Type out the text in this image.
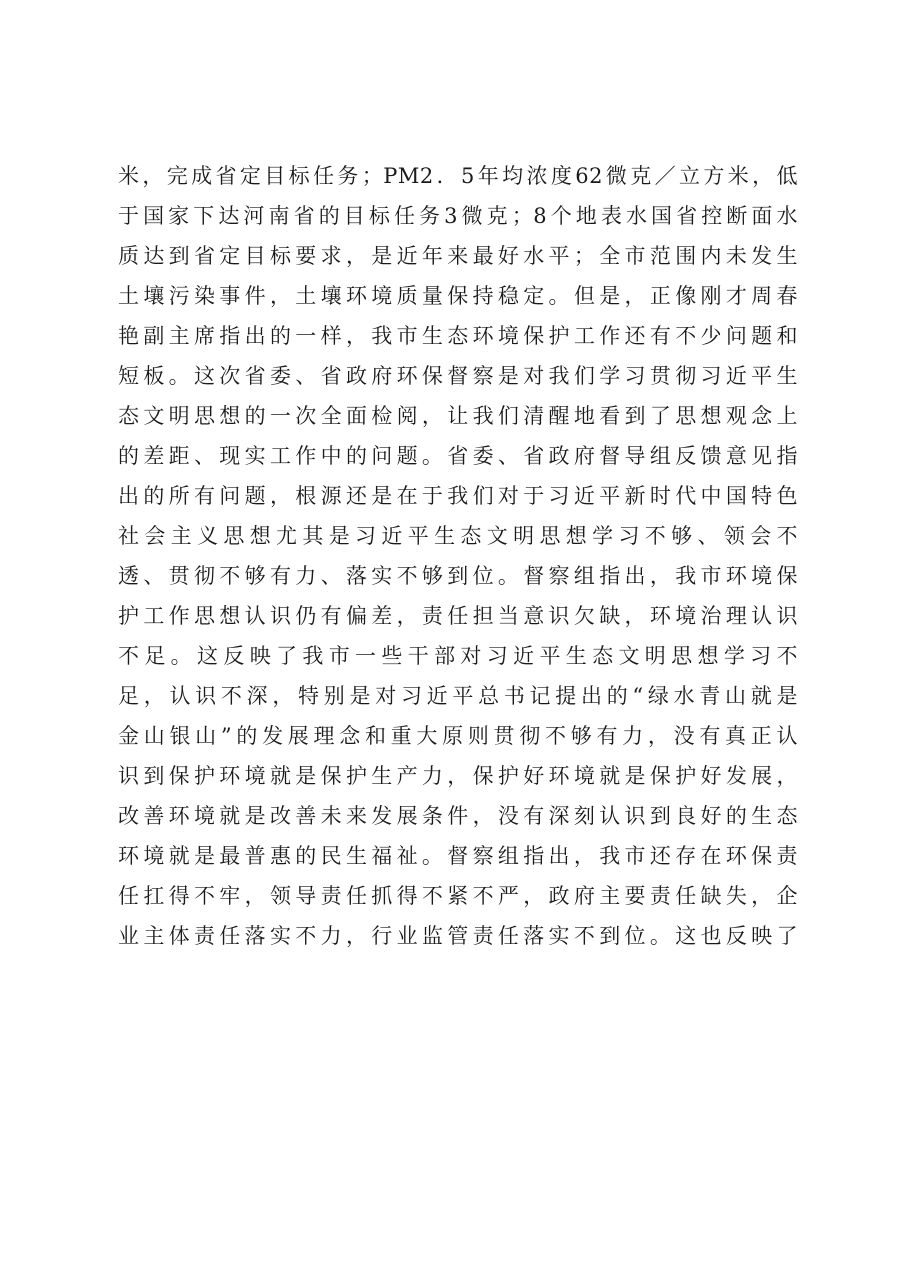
米，完成省定目标任务；PM2．5年均浓度62微克／立方米，低
于国家下达河南省的目标任务3微克；8个地表水国省控断面水
质达到省定目标要求，是近年来最好水平；全市范围内未发生
土壤污染事件，土壤环境质量保持稳定。但是，正像刚才周春
艳副主席指出的一样，我市生态环境保护工作还有不少问题和
短板。这次省委、省政府环保督察是对我们学习贯彻习近平生
态文明思想的一次全面检阅，让我们清醒地看到了思想观念上
的差距、现实工作中的问题。省委、省政府督导组反馈意见指
出的所有问题，根源还是在于我们对于习近平新时代中国特色
社会主义思想尤其是习近平生态文明思想学习不够、领会不
透、贯彻不够有力、落实不够到位。督察组指出，我市环境保
护工作思想认识仍有偏差，责任担当意识欠缺，环境治理认识
不足。这反映了我市一些干部对习近平生态文明思想学习不
足，认识不深，特别是对习近平总书记提出的“绿水青山就是
金山银山”的发展理念和重大原则贯彻不够有力，没有真正认
识到保护环境就是保护生产力，保护好环境就是保护好发展，
改善环境就是改善未来发展条件，没有深刻认识到良好的生态
环境就是最普惠的民生福祉。督察组指出，我市还存在环保责
任扛得不牢，领导责任抓得不紧不严，政府主要责任缺失，企
业主体责任落实不力，行业监管责任落实不到位。这也反映了
